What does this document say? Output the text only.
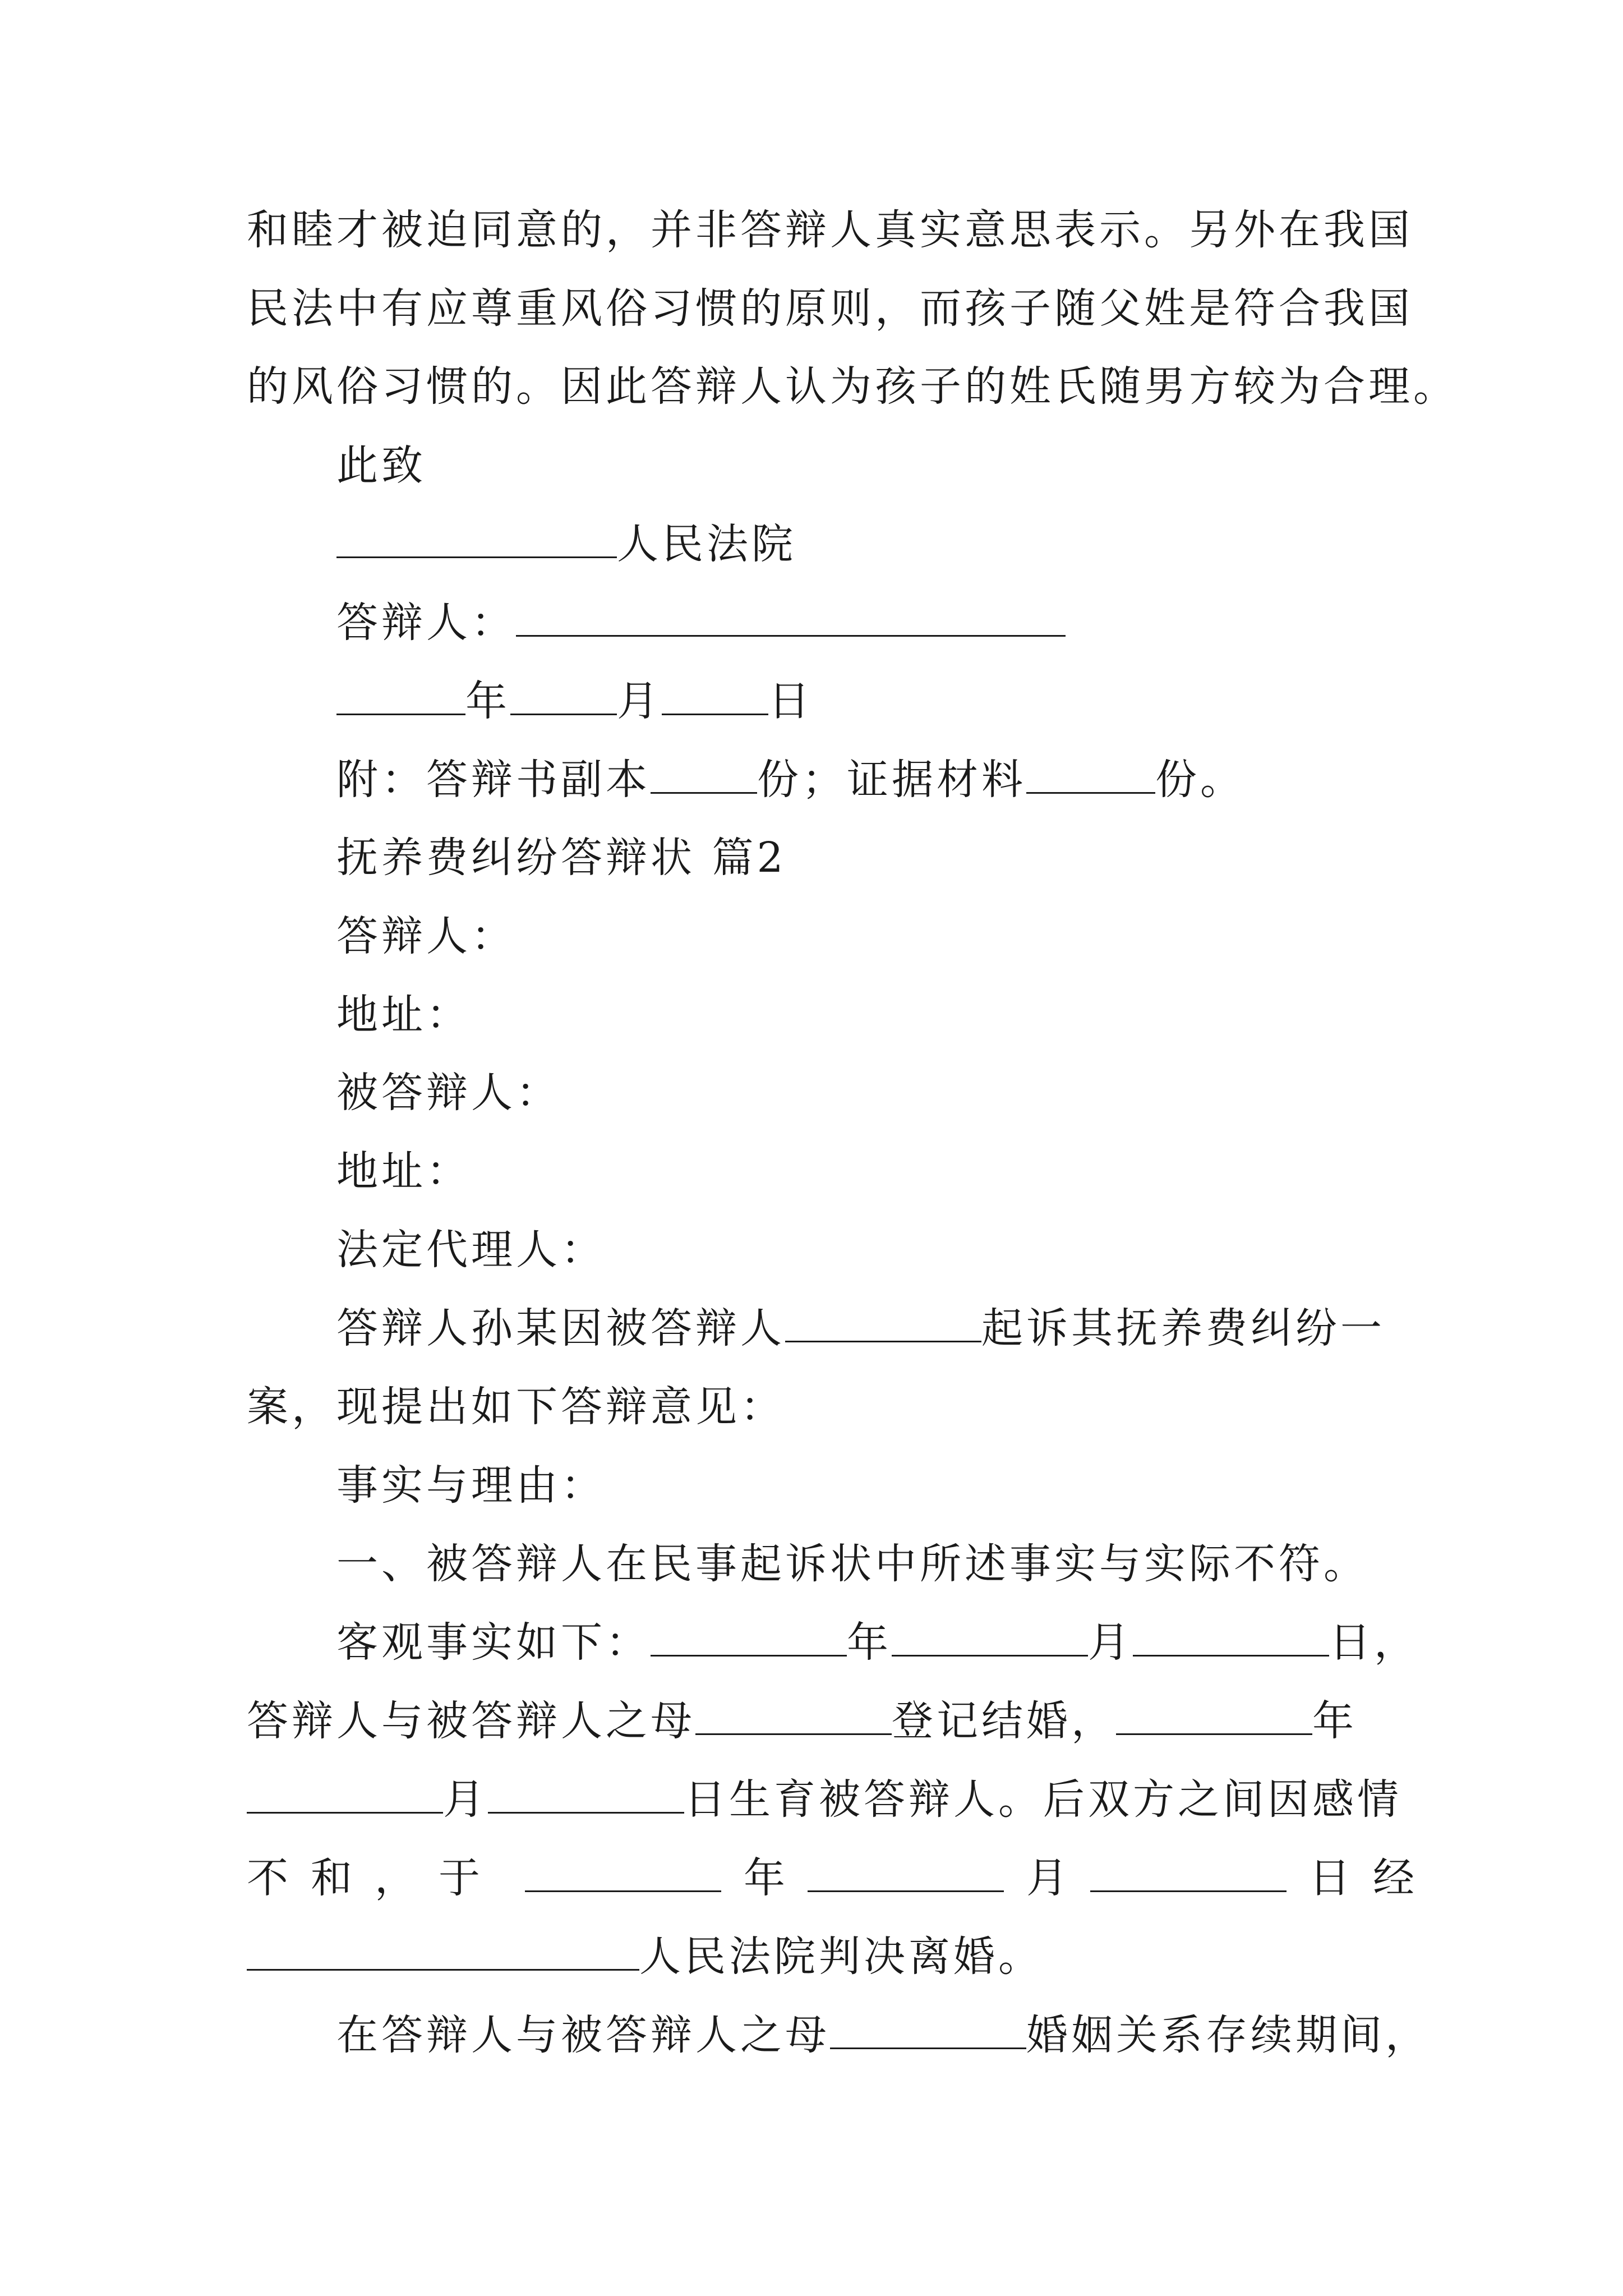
和睦才被迫同意的，并非答辩人真实意思表示。另外在我国
民法中有应尊重风俗习惯的原则，而孩子随父姓是符合我国
的风俗习惯的。因此答辩人认为孩子的姓氏随男方较为合理。
此致
人民法院
答辩人：
年	月	日
附：答辩书副本	份；证据材料	份。
抚养费纠纷答辩状 篇2
答辩人：
地址：
被答辩人：
地址：
法定代理人：
答辩人孙某因被答辩人	起诉其抚养费纠纷一
案，现提出如下答辩意见：
事实与理由：
一、被答辩人在民事起诉状中所述事实与实际不符。
客观事实如下：	年	月	日，
答辩人与被答辩人之母	登记结婚，	年
月	日生育被答辩人。后双方之间因感情
不和，于	年	月	日经
人民法院判决离婚。
在答辩人与被答辩人之母	婚姻关系存续期间，
